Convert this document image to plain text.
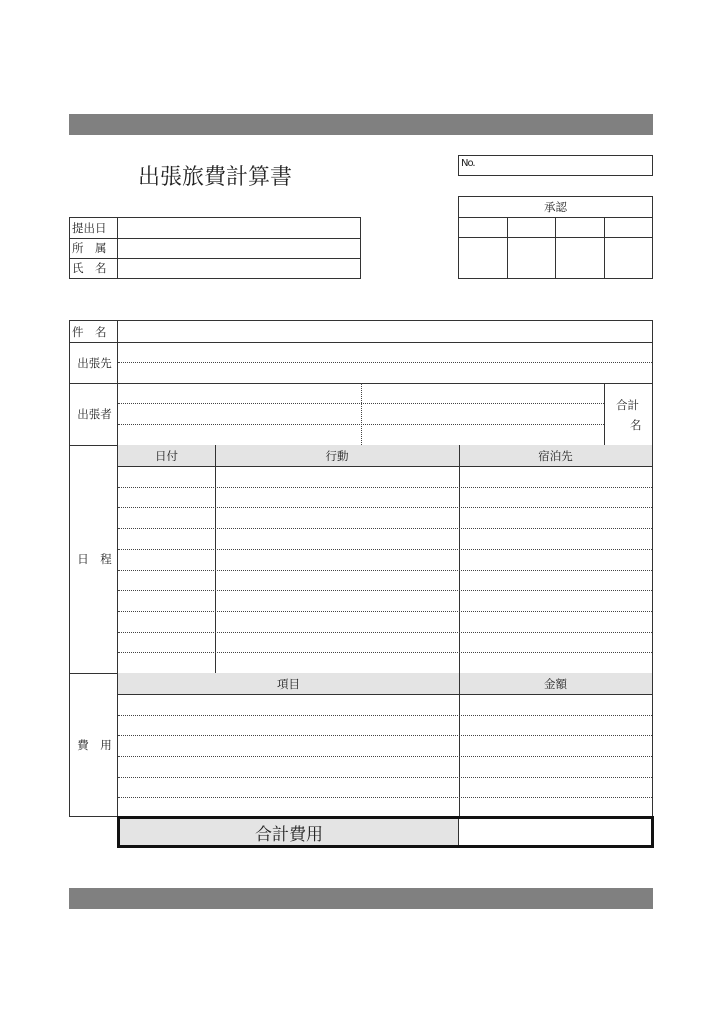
出張旅費計算書
提出日
所　属
氏　名
No.
承認
件　名
出張先
出張者
合計
名
日　程
日付	行動	宿泊先
費　用
項目	金額
合計費用
